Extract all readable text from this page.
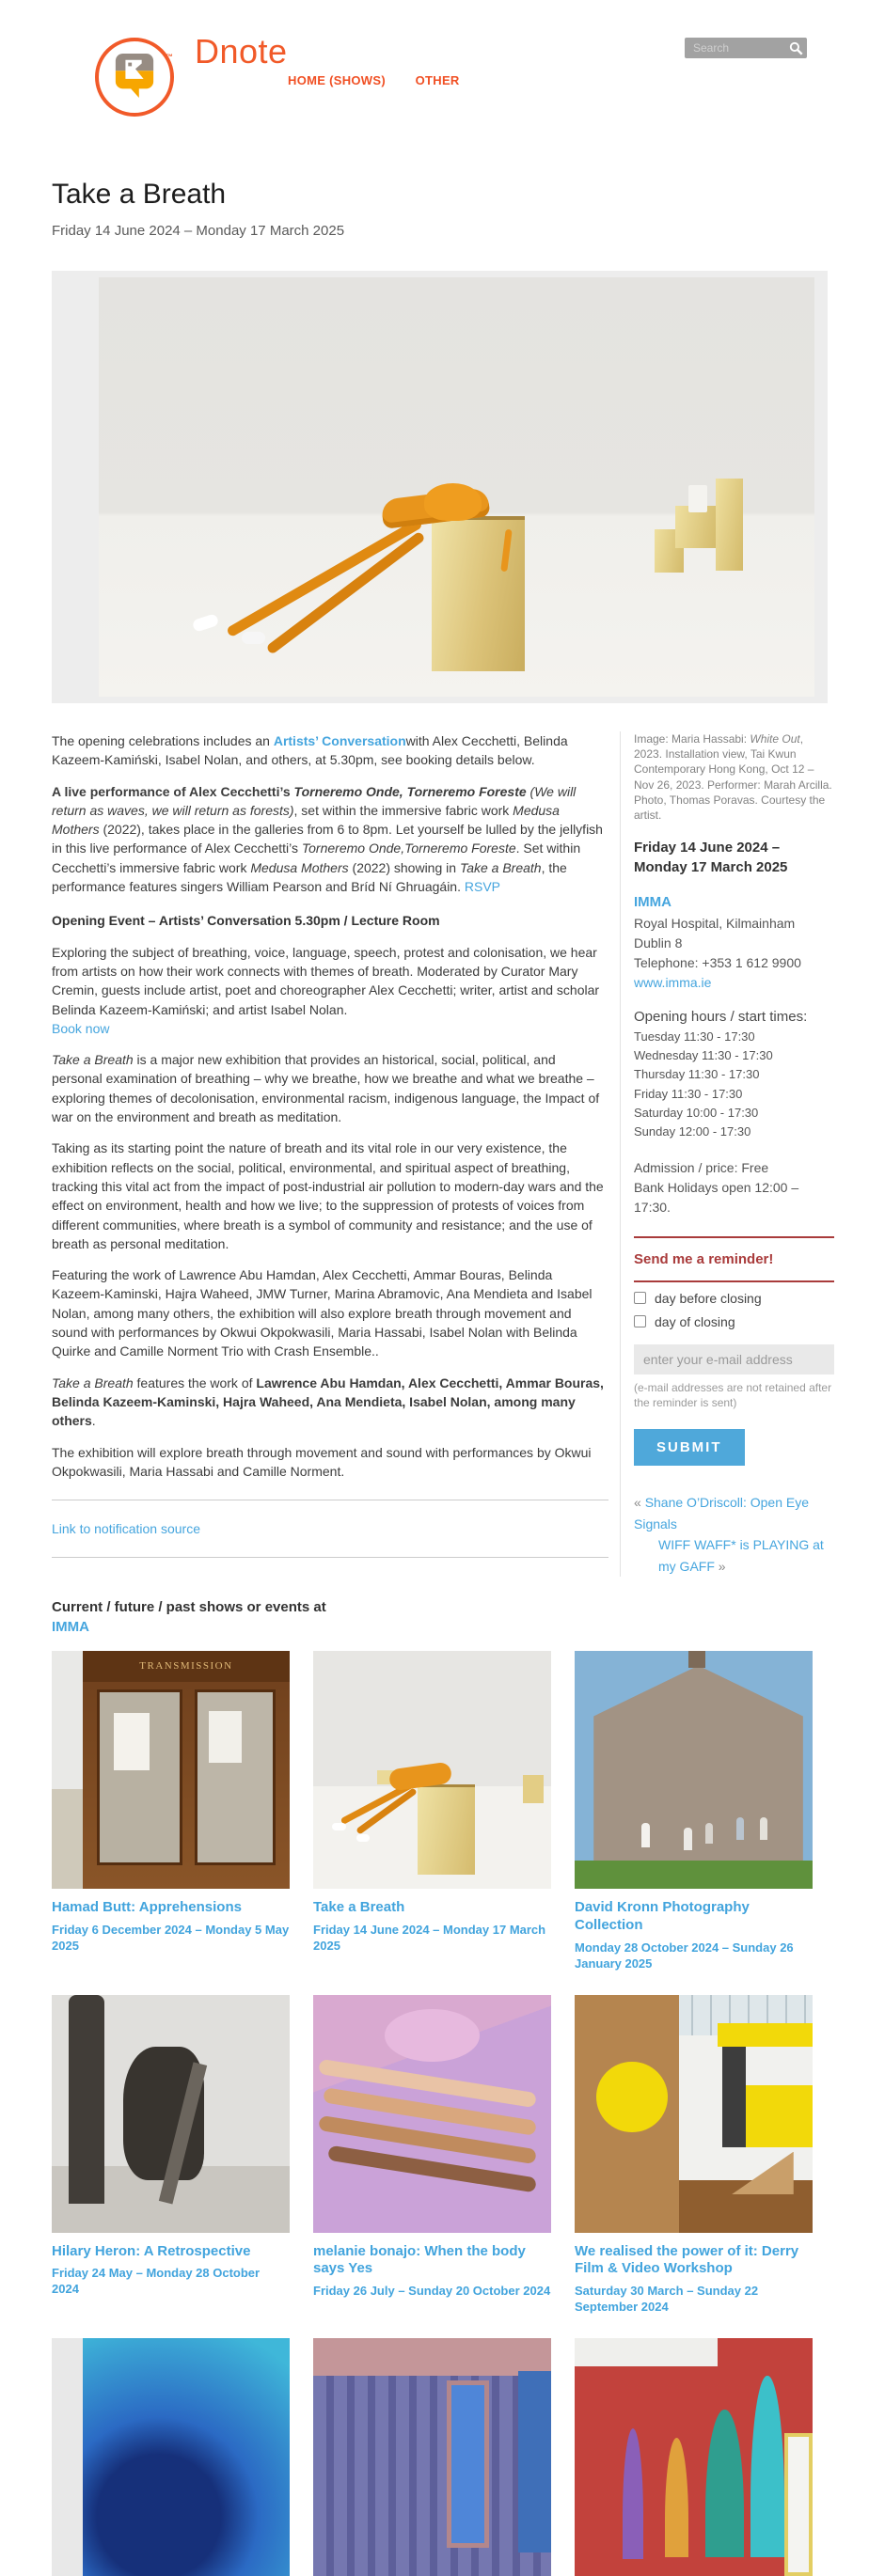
™ Dnote
HOME (SHOWS) OTHER
Search
Take a Breath
Friday 14 June 2024 – Monday 17 March 2025

The opening celebrations includes an Artists’ Conversationwith Alex Cecchetti, Belinda Kazeem-Kamiński, Isabel Nolan, and others, at 5.30pm, see booking details below.

A live performance of Alex Cecchetti’s Torneremo Onde, Torneremo Foreste (We will return as waves, we will return as forests), set within the immersive fabric work Medusa Mothers (2022), takes place in the galleries from 6 to 8pm. Let yourself be lulled by the jellyfish in this live performance of Alex Cecchetti’s Torneremo Onde,Torneremo Foreste. Set within Cecchetti’s immersive fabric work Medusa Mothers (2022) showing in Take a Breath, the performance features singers William Pearson and Bríd Ní Ghruagáin. RSVP

Opening Event – Artists’ Conversation 5.30pm / Lecture Room

Exploring the subject of breathing, voice, language, speech, protest and colonisation, we hear from artists on how their work connects with themes of breath. Moderated by Curator Mary Cremin, guests include artist, poet and choreographer Alex Cecchetti; writer, artist and scholar Belinda Kazeem-Kamiński; and artist Isabel Nolan.
Book now

Take a Breath is a major new exhibition that provides an historical, social, political, and personal examination of breathing – why we breathe, how we breathe and what we breathe – exploring themes of decolonisation, environmental racism, indigenous language, the Impact of war on the environment and breath as meditation.

Taking as its starting point the nature of breath and its vital role in our very existence, the exhibition reflects on the social, political, environmental, and spiritual aspect of breathing, tracking this vital act from the impact of post-industrial air pollution to modern-day wars and the effect on environment, health and how we live; to the suppression of protests of voices from different communities, where breath is a symbol of community and resistance; and the use of breath as personal meditation.

Featuring the work of Lawrence Abu Hamdan, Alex Cecchetti, Ammar Bouras, Belinda Kazeem-Kaminski, Hajra Waheed, JMW Turner, Marina Abramovic, Ana Mendieta and Isabel Nolan, among many others, the exhibition will also explore breath through movement and sound with performances by Okwui Okpokwasili, Maria Hassabi, Isabel Nolan with Belinda Quirke and Camille Norment Trio with Crash Ensemble..

Take a Breath features the work of Lawrence Abu Hamdan, Alex Cecchetti, Ammar Bouras, Belinda Kazeem-Kaminski, Hajra Waheed, Ana Mendieta, Isabel Nolan, among many others.

The exhibition will explore breath through movement and sound with performances by Okwui Okpokwasili, Maria Hassabi and Camille Norment.

Link to notification source
Image: Maria Hassabi: White Out, 2023. Installation view, Tai Kwun Contemporary Hong Kong, Oct 12 – Nov 26, 2023. Performer: Marah Arcilla. Photo, Thomas Poravas. Courtesy the artist.
Friday 14 June 2024 – Monday 17 March 2025
IMMA
Royal Hospital, Kilmainham
Dublin 8
Telephone: +353 1 612 9900
www.imma.ie
Opening hours / start times:
Tuesday 11:30 - 17:30
Wednesday 11:30 - 17:30
Thursday 11:30 - 17:30
Friday 11:30 - 17:30
Saturday 10:00 - 17:30
Sunday 12:00 - 17:30
Admission / price: Free
Bank Holidays open 12:00 – 17:30.
Send me a reminder!
day before closing
day of closing
enter your e-mail address
(e-mail addresses are not retained after the reminder is sent)
SUBMIT
« Shane O’Driscoll: Open Eye Signals
WIFF WAFF* is PLAYING at my GAFF »
Current / future / past shows or events at
IMMA
TRANSMISSION
Hamad Butt: Apprehensions
Friday 6 December 2024 – Monday 5 May 2025
Take a Breath
Friday 14 June 2024 – Monday 17 March 2025
David Kronn Photography Collection
Monday 28 October 2024 – Sunday 26 January 2025
Hilary Heron: A Retrospective
Friday 24 May – Monday 28 October 2024
melanie bonajo: When the body says Yes
Friday 26 July – Sunday 20 October 2024
We realised the power of it: Derry Film & Video Workshop
Saturday 30 March – Sunday 22 September 2024
